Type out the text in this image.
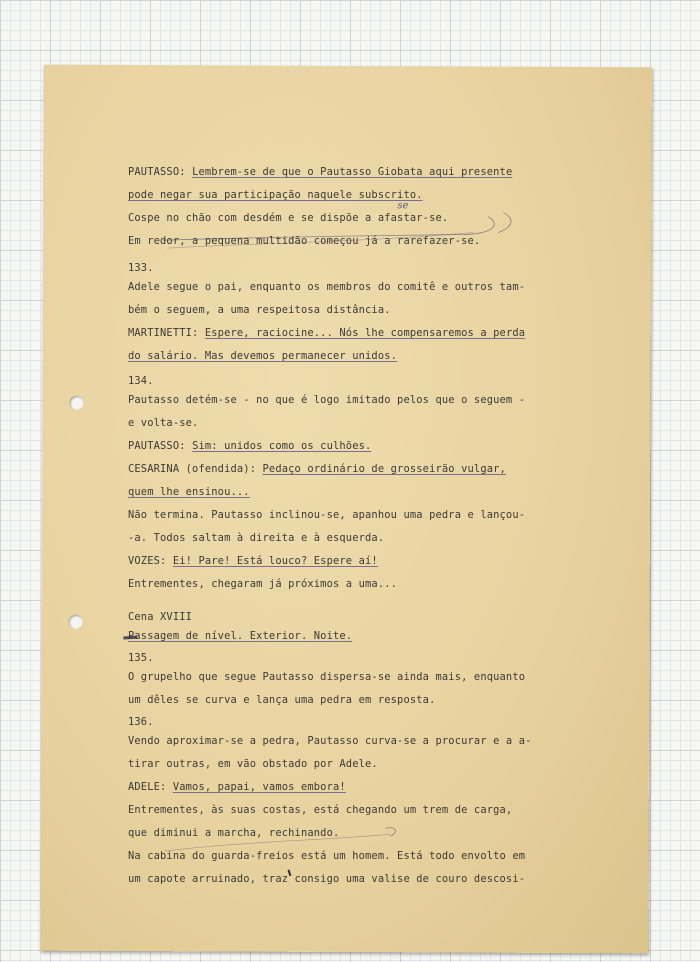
se
PAUTASSO: Lembrem-se de que o Pautasso Giobata aqui presente
pode negar sua participação naquele subscrito.
Cospe no chão com desdém e se dispõe a afastar-se.
Em redor, a pequena multidão começou já a rarefazer-se.
133.
Adele segue o pai, enquanto os membros do comitê e outros tam-
bém o seguem, a uma respeitosa distância.
MARTINETTI: Espere, raciocine... Nós lhe compensaremos a perda
do salário. Mas devemos permanecer unidos.
134.
Pautasso detém-se - no que é logo imitado pelos que o seguem -
e volta-se.
PAUTASSO: Sim: unidos como os culhões.
CESARINA (ofendida): Pedaço ordinário de grosseirão vulgar,
quem lhe ensinou...
Não termina. Pautasso inclinou-se, apanhou uma pedra e lançou-
-a. Todos saltam à direita e à esquerda.
VOZES: Ei! Pare! Está louco? Espere aí!
Entrementes, chegaram já próximos a uma...
Cena XVIII
Passagem de nível. Exterior. Noite.
135.
O grupelho que segue Pautasso dispersa-se ainda mais, enquanto
um dêles se curva e lança uma pedra em resposta.
136.
Vendo aproximar-se a pedra, Pautasso curva-se a procurar e a a-
tirar outras, em vão obstado por Adele.
ADELE: Vamos, papai, vamos embora!
Entrementes, às suas costas, está chegando um trem de carga,
que diminui a marcha, rechinando.
Na cabina do guarda-freios está um homem. Está todo envolto em
um capote arruinado, traz consigo uma valise de couro descosi-
